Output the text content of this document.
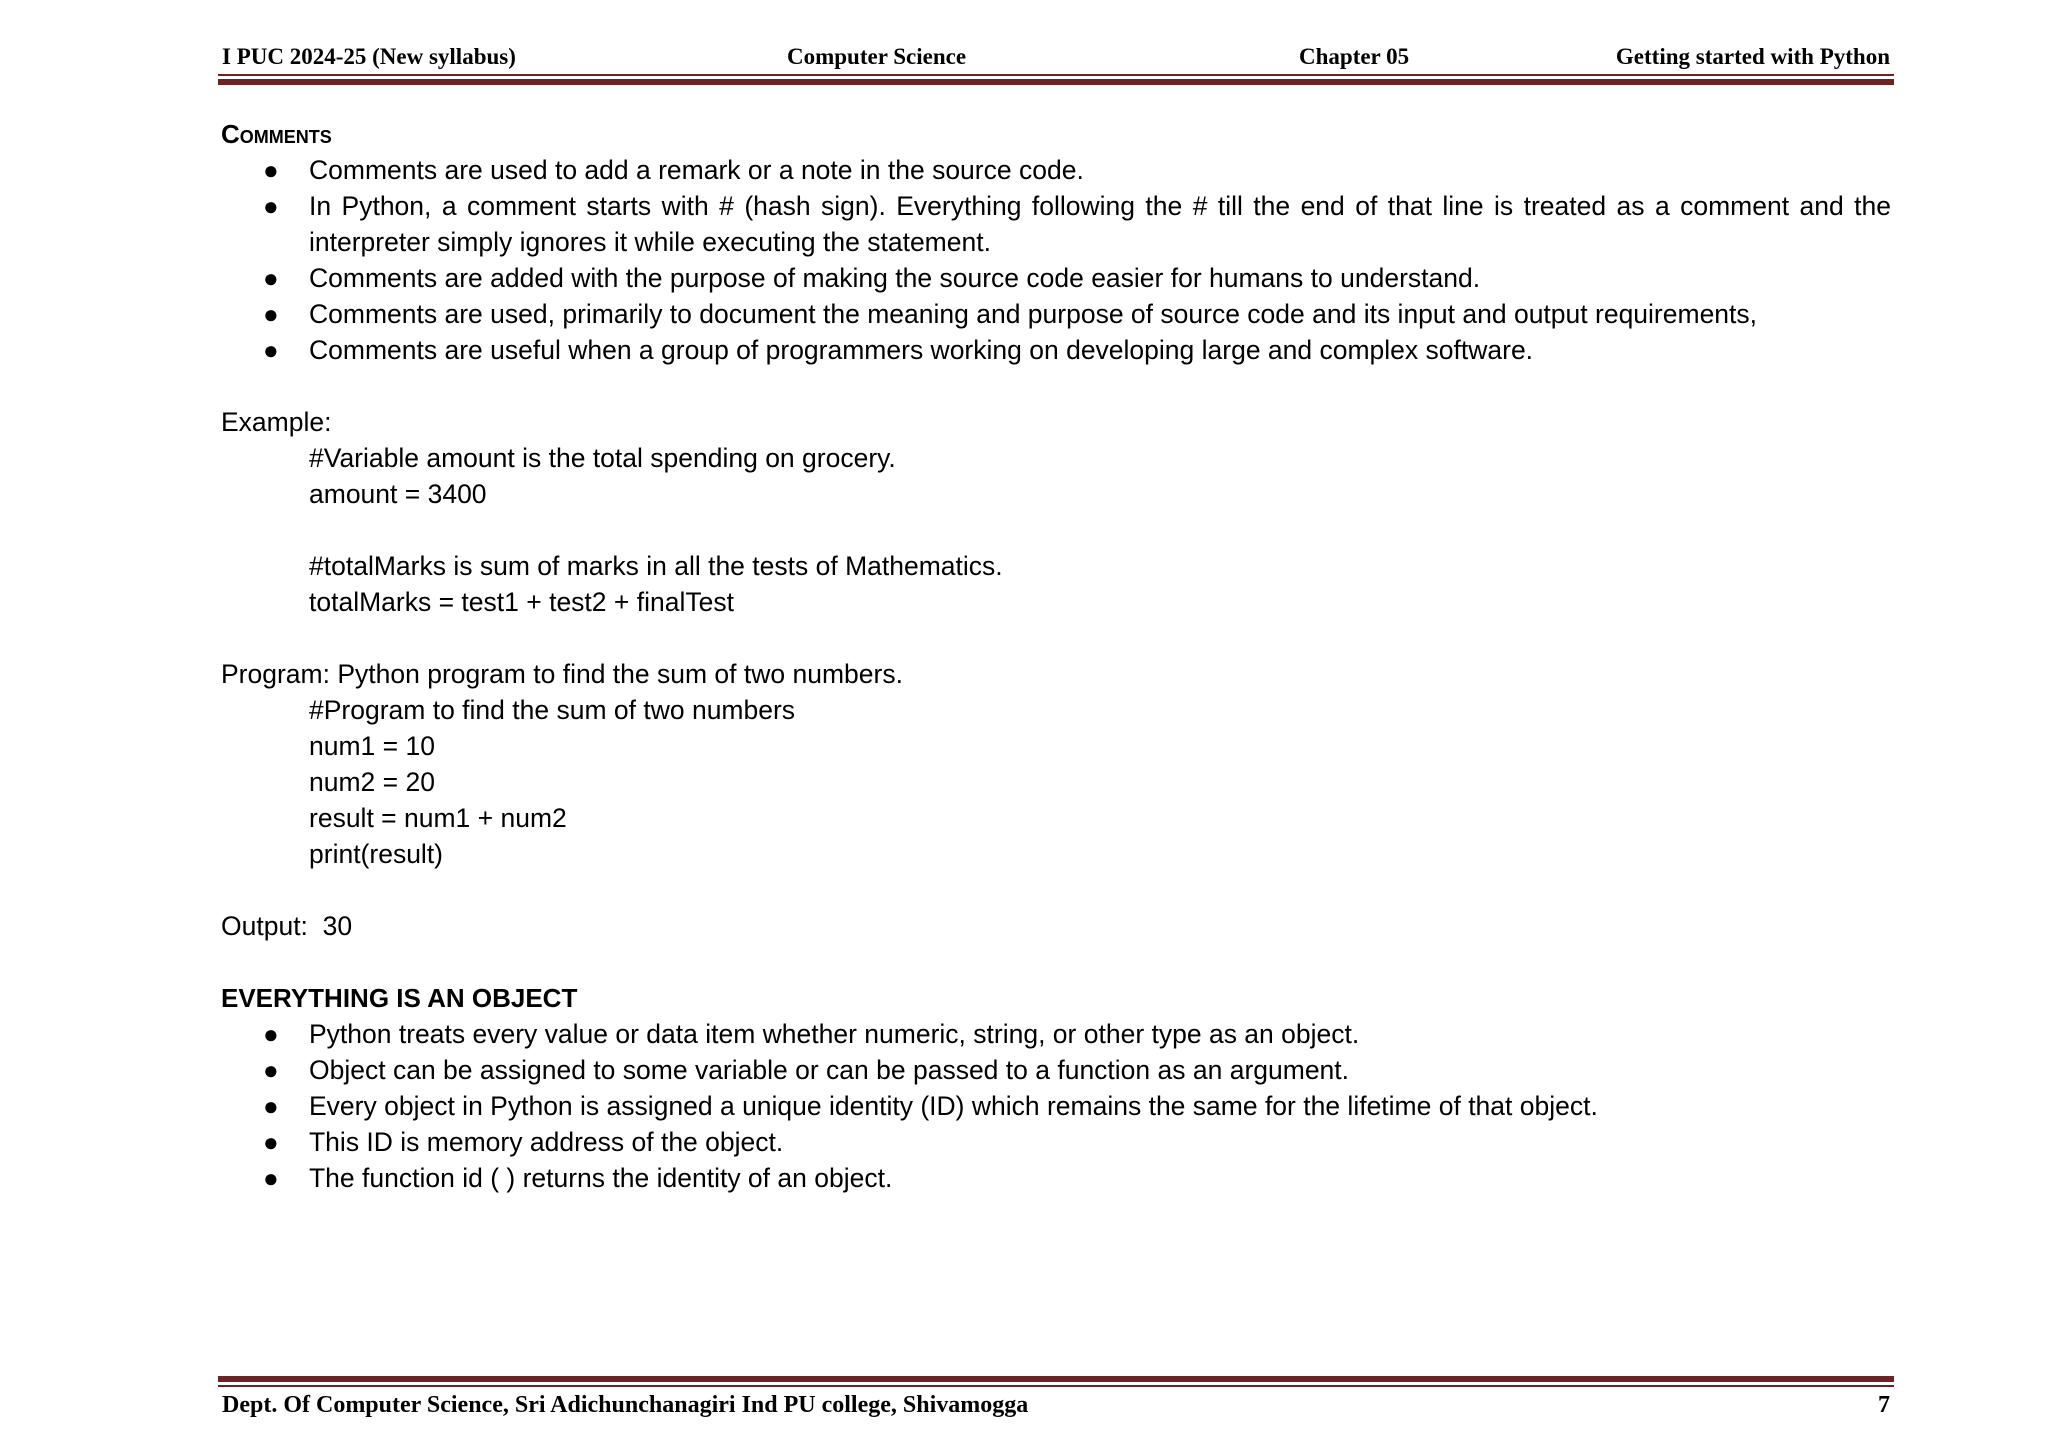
I PUC 2024-25 (New syllabus)	Computer Science	Chapter 05	Getting started with Python
Comments
● Comments are used to add a remark or a note in the source code.
● In Python, a comment starts with # (hash sign). Everything following the # till the end of that line is treated as a comment and the interpreter simply ignores it while executing the statement.
● Comments are added with the purpose of making the source code easier for humans to understand.
● Comments are used, primarily to document the meaning and purpose of source code and its input and output requirements,
● Comments are useful when a group of programmers working on developing large and complex software.
Example:
#Variable amount is the total spending on grocery.
amount = 3400
#totalMarks is sum of marks in all the tests of Mathematics.
totalMarks = test1 + test2 + finalTest
Program: Python program to find the sum of two numbers.
#Program to find the sum of two numbers
num1 = 10
num2 = 20
result = num1 + num2
print(result)
Output:  30
EVERYTHING IS AN OBJECT
● Python treats every value or data item whether numeric, string, or other type as an object.
● Object can be assigned to some variable or can be passed to a function as an argument.
● Every object in Python is assigned a unique identity (ID) which remains the same for the lifetime of that object.
● This ID is memory address of the object.
● The function id ( ) returns the identity of an object.
Dept. Of Computer Science, Sri Adichunchanagiri Ind PU college, Shivamogga	7
